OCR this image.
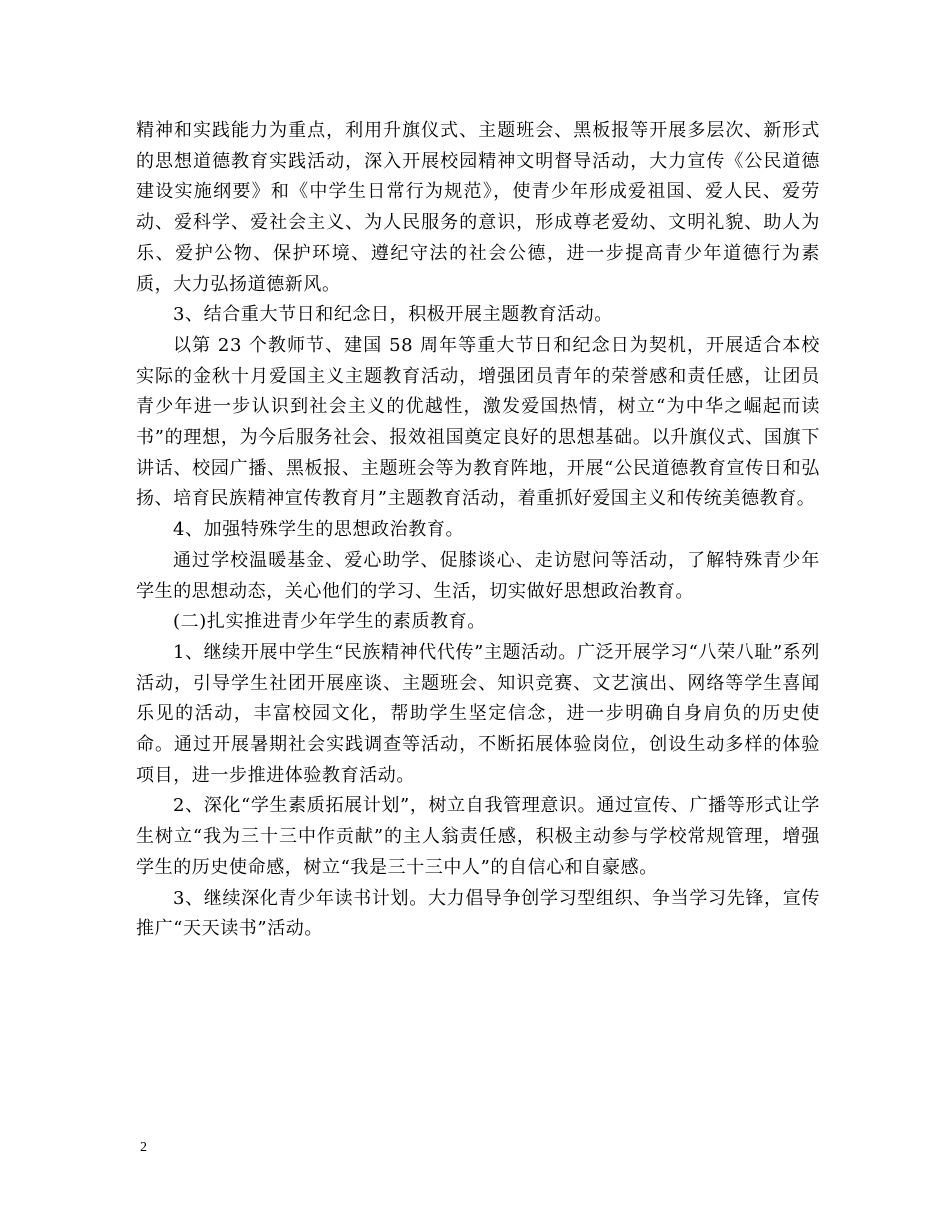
精神和实践能力为重点，利用升旗仪式、主题班会、黑板报等开展多层次、新形式的思想道德教育实践活动，深入开展校园精神文明督导活动，大力宣传《公民道德建设实施纲要》和《中学生日常行为规范》，使青少年形成爱祖国、爱人民、爱劳动、爱科学、爱社会主义、为人民服务的意识，形成尊老爱幼、文明礼貌、助人为乐、爱护公物、保护环境、遵纪守法的社会公德，进一步提高青少年道德行为素质，大力弘扬道德新风。

3、结合重大节日和纪念日，积极开展主题教育活动。

以第 23 个教师节、建国 58 周年等重大节日和纪念日为契机，开展适合本校实际的金秋十月爱国主义主题教育活动，增强团员青年的荣誉感和责任感，让团员青少年进一步认识到社会主义的优越性，激发爱国热情，树立“为中华之崛起而读书”的理想，为今后服务社会、报效祖国奠定良好的思想基础。以升旗仪式、国旗下讲话、校园广播、黑板报、主题班会等为教育阵地，开展“公民道德教育宣传日和弘扬、培育民族精神宣传教育月”主题教育活动，着重抓好爱国主义和传统美德教育。

4、加强特殊学生的思想政治教育。

通过学校温暖基金、爱心助学、促膝谈心、走访慰问等活动，了解特殊青少年学生的思想动态，关心他们的学习、生活，切实做好思想政治教育。

(二)扎实推进青少年学生的素质教育。

1、继续开展中学生“民族精神代代传”主题活动。广泛开展学习“八荣八耻”系列活动，引导学生社团开展座谈、主题班会、知识竞赛、文艺演出、网络等学生喜闻乐见的活动，丰富校园文化，帮助学生坚定信念，进一步明确自身肩负的历史使命。通过开展暑期社会实践调查等活动，不断拓展体验岗位，创设生动多样的体验项目，进一步推进体验教育活动。

2、深化“学生素质拓展计划”，树立自我管理意识。通过宣传、广播等形式让学生树立“我为三十三中作贡献”的主人翁责任感，积极主动参与学校常规管理，增强学生的历史使命感，树立“我是三十三中人”的自信心和自豪感。

3、继续深化青少年读书计划。大力倡导争创学习型组织、争当学习先锋，宣传推广“天天读书”活动。

2
